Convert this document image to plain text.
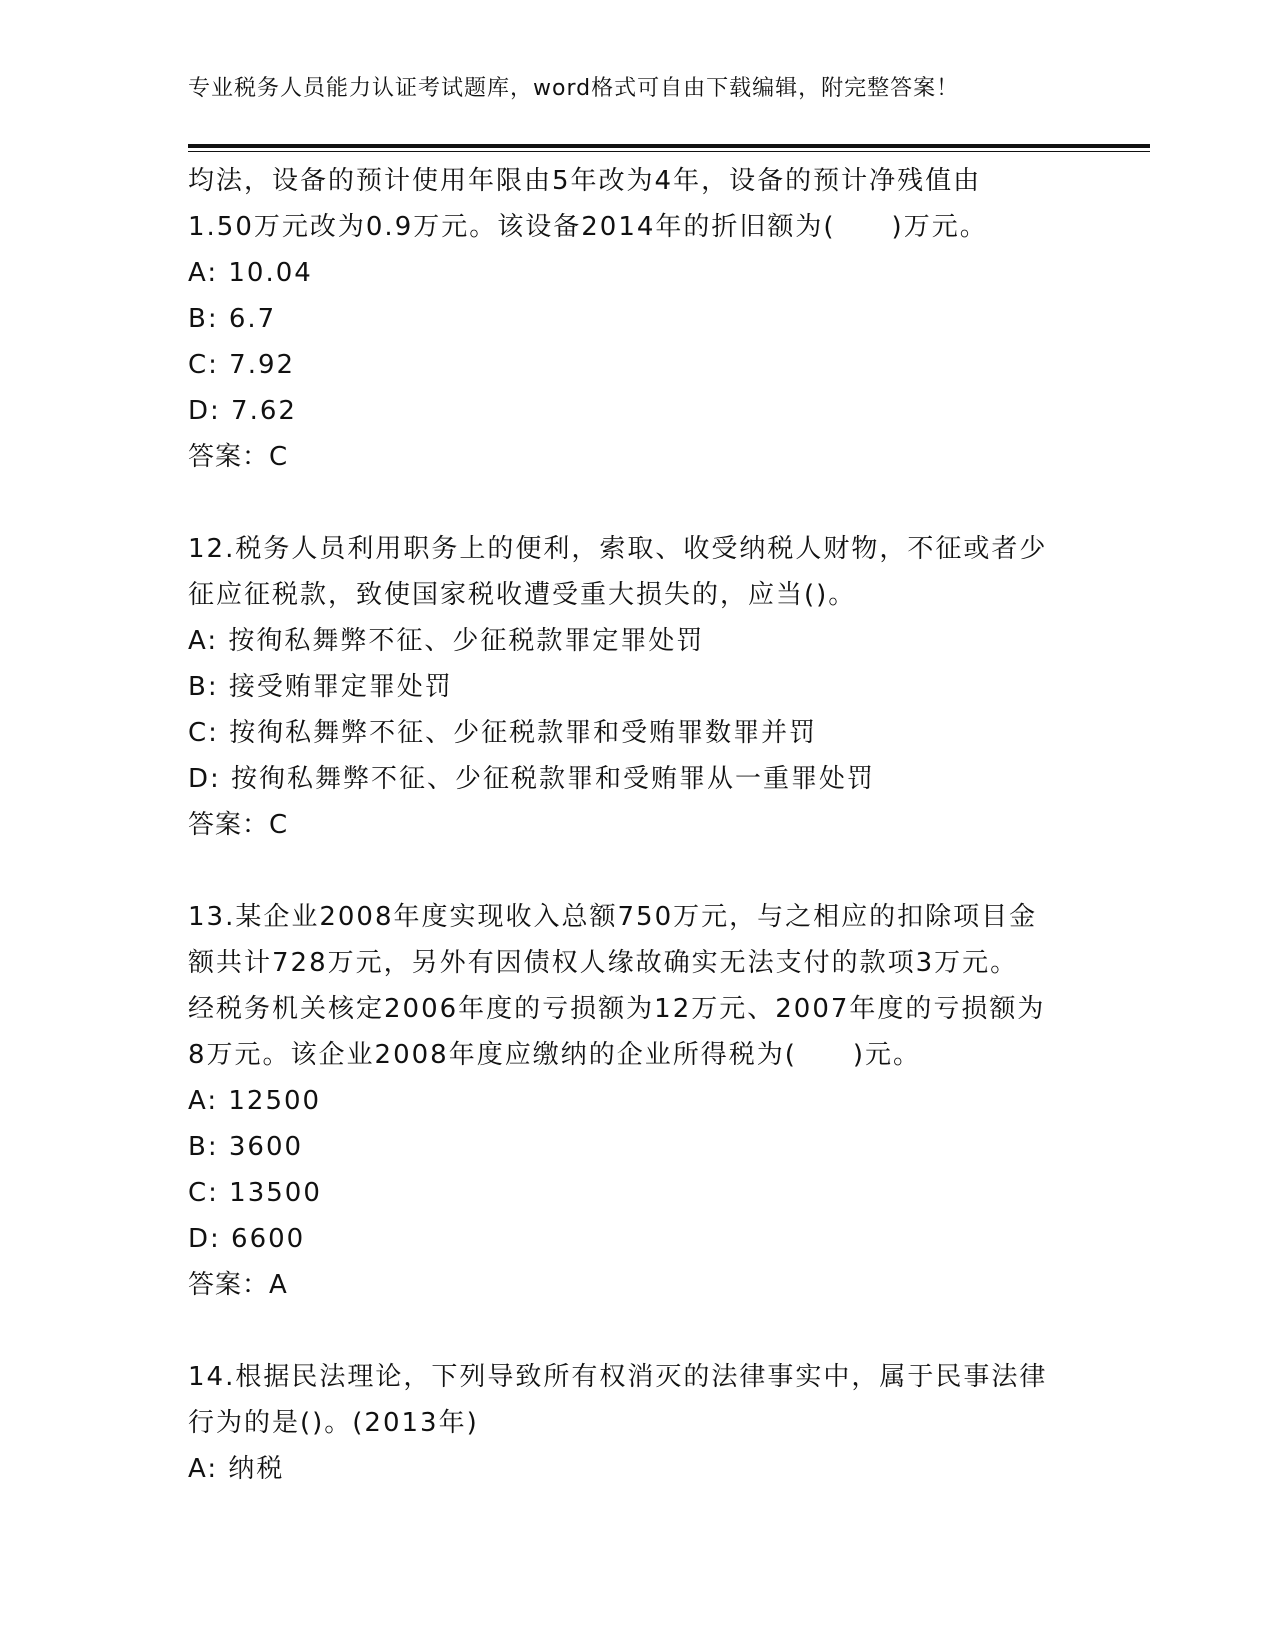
专业税务人员能力认证考试题库，word格式可自由下载编辑，附完整答案！
均法，设备的预计使用年限由5年改为4年，设备的预计净残值由
1.50万元改为0.9万元。该设备2014年的折旧额为(　　)万元。
A: 10.04
B: 6.7
C: 7.92
D: 7.62
答案：C
12.税务人员利用职务上的便利，索取、收受纳税人财物，不征或者少
征应征税款，致使国家税收遭受重大损失的，应当()。
A: 按徇私舞弊不征、少征税款罪定罪处罚
B: 接受贿罪定罪处罚
C: 按徇私舞弊不征、少征税款罪和受贿罪数罪并罚
D: 按徇私舞弊不征、少征税款罪和受贿罪从一重罪处罚
答案：C
13.某企业2008年度实现收入总额750万元，与之相应的扣除项目金
额共计728万元，另外有因债权人缘故确实无法支付的款项3万元。
经税务机关核定2006年度的亏损额为12万元、2007年度的亏损额为
8万元。该企业2008年度应缴纳的企业所得税为(　　)元。
A: 12500
B: 3600
C: 13500
D: 6600
答案：A
14.根据民法理论，下列导致所有权消灭的法律事实中，属于民事法律
行为的是()。(2013年)
A: 纳税
